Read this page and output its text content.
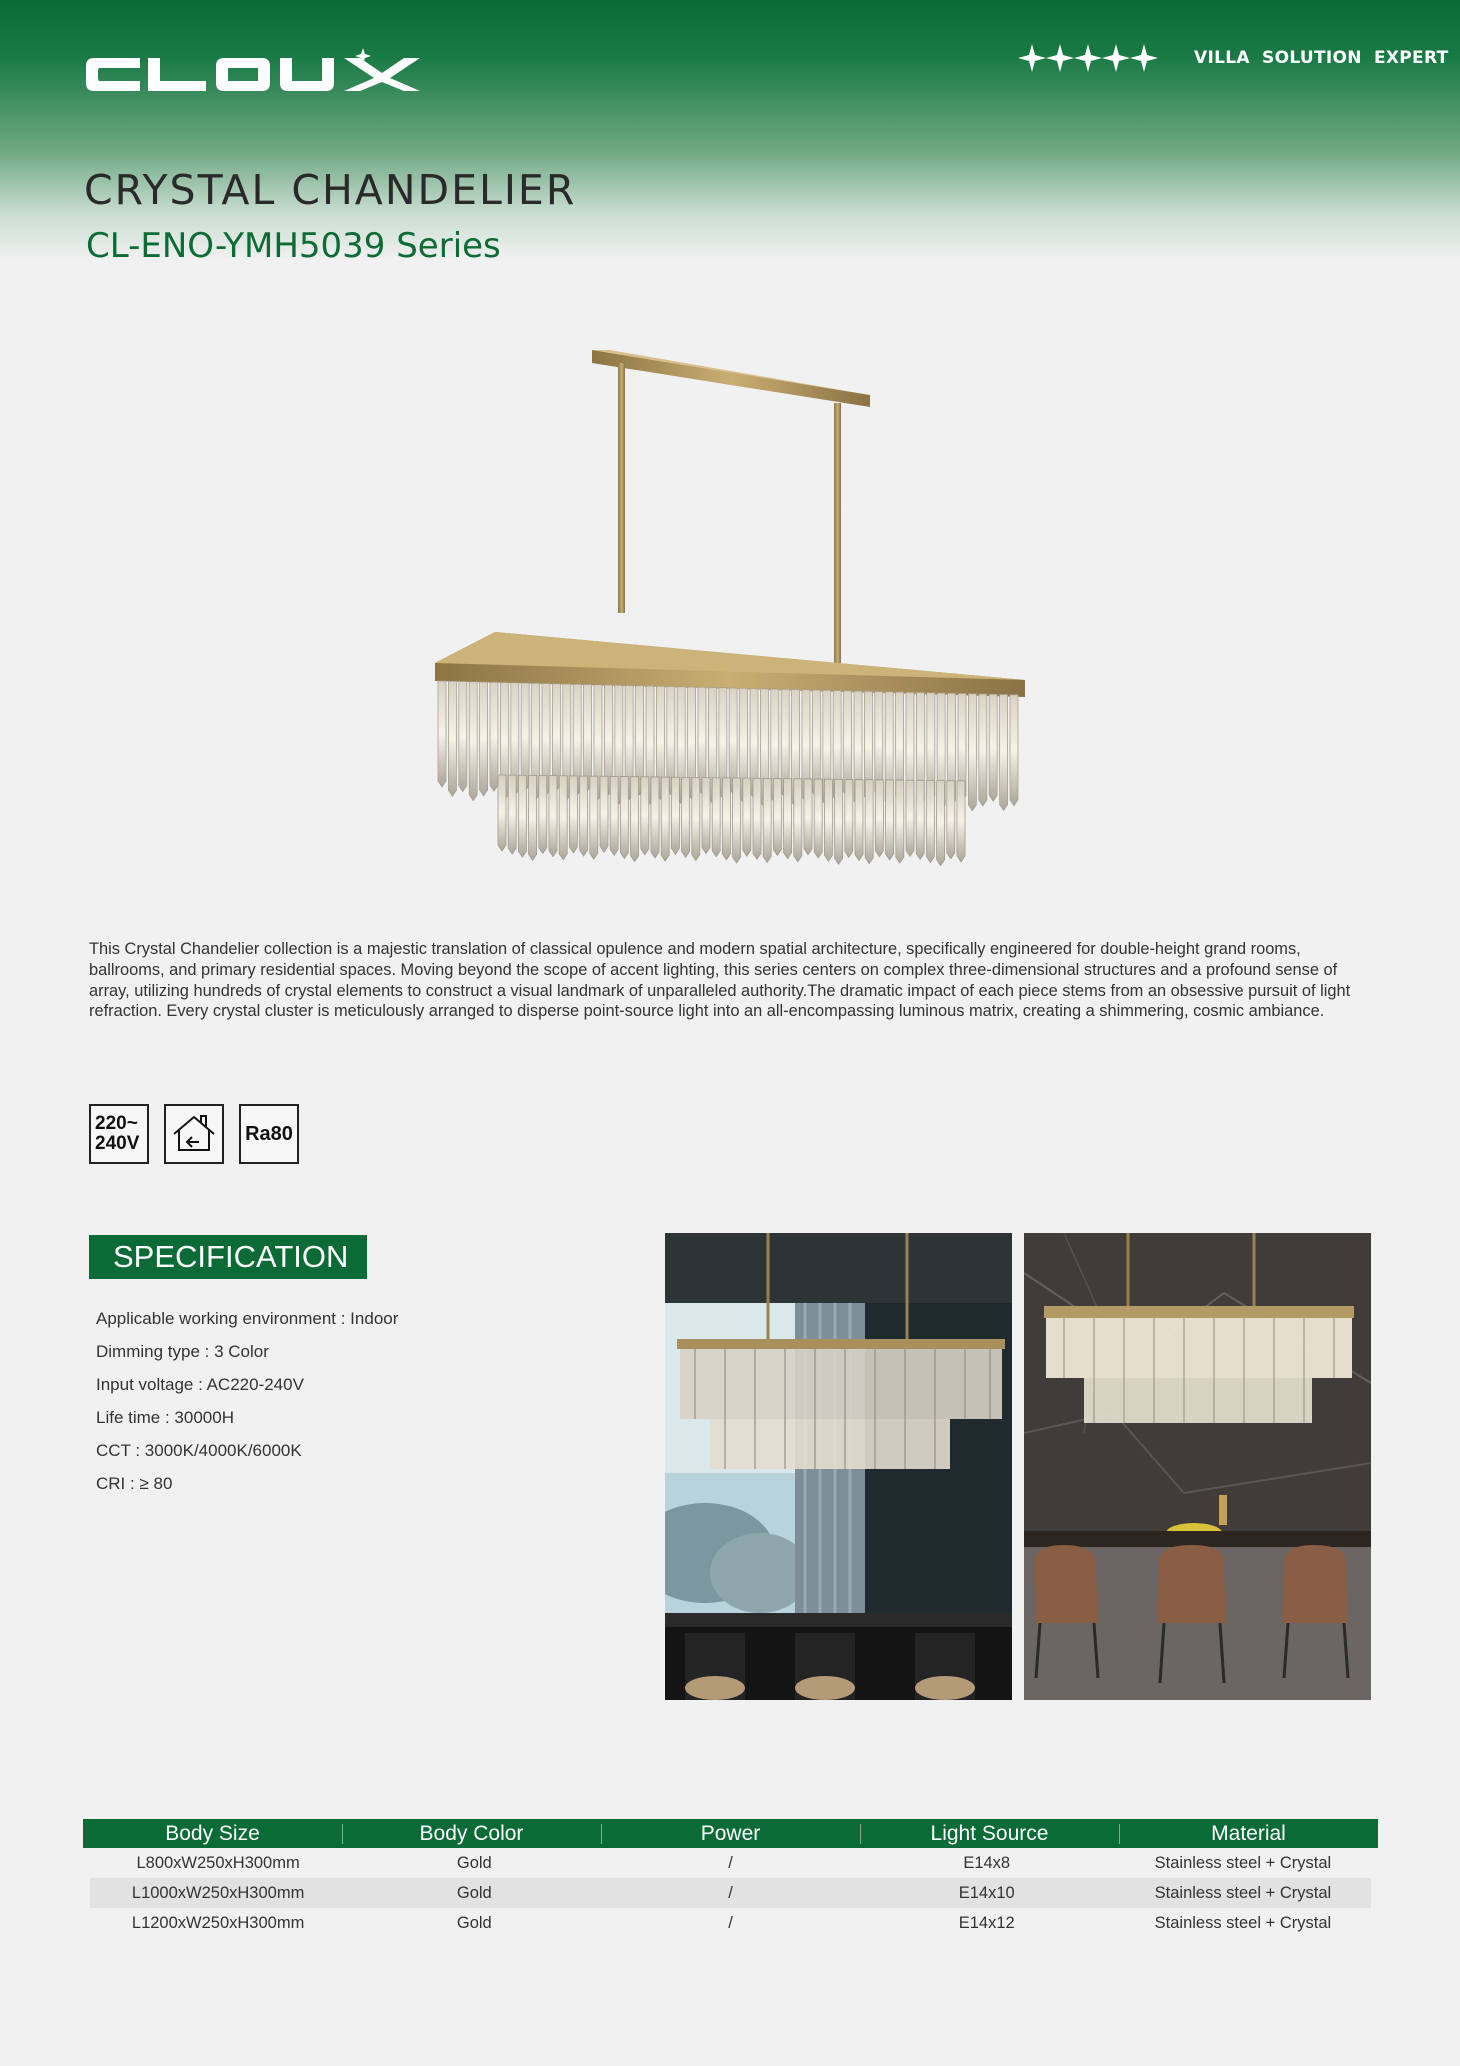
VILLA SOLUTION EXPERT
CRYSTAL CHANDELIER
CL-ENO-YMH5039 Series

This Crystal Chandelier collection is a majestic translation of classical opulence and modern spatial architecture, specifically engineered for double-height grand rooms, ballrooms, and primary residential spaces. Moving beyond the scope of accent lighting, this series centers on complex three-dimensional structures and a profound sense of array, utilizing hundreds of crystal elements to construct a visual landmark of unparalleled authority.The dramatic impact of each piece stems from an obsessive pursuit of light refraction. Every crystal cluster is meticulously arranged to disperse point-source light into an all-encompassing luminous matrix, creating a shimmering, cosmic ambiance.

220~
240V	Ra80
SPECIFICATION
Applicable working environment : Indoor
Dimming type : 3 Color
Input voltage : AC220-240V
Life time : 30000H
CCT : 3000K/4000K/6000K
CRI : ≥ 80
Body Size	Body Color	Power	Light Source	Material
L800xW250xH300mm	Gold	/	E14x8	Stainless steel + Crystal
L1000xW250xH300mm	Gold	/	E14x10	Stainless steel + Crystal
L1200xW250xH300mm	Gold	/	E14x12	Stainless steel + Crystal
